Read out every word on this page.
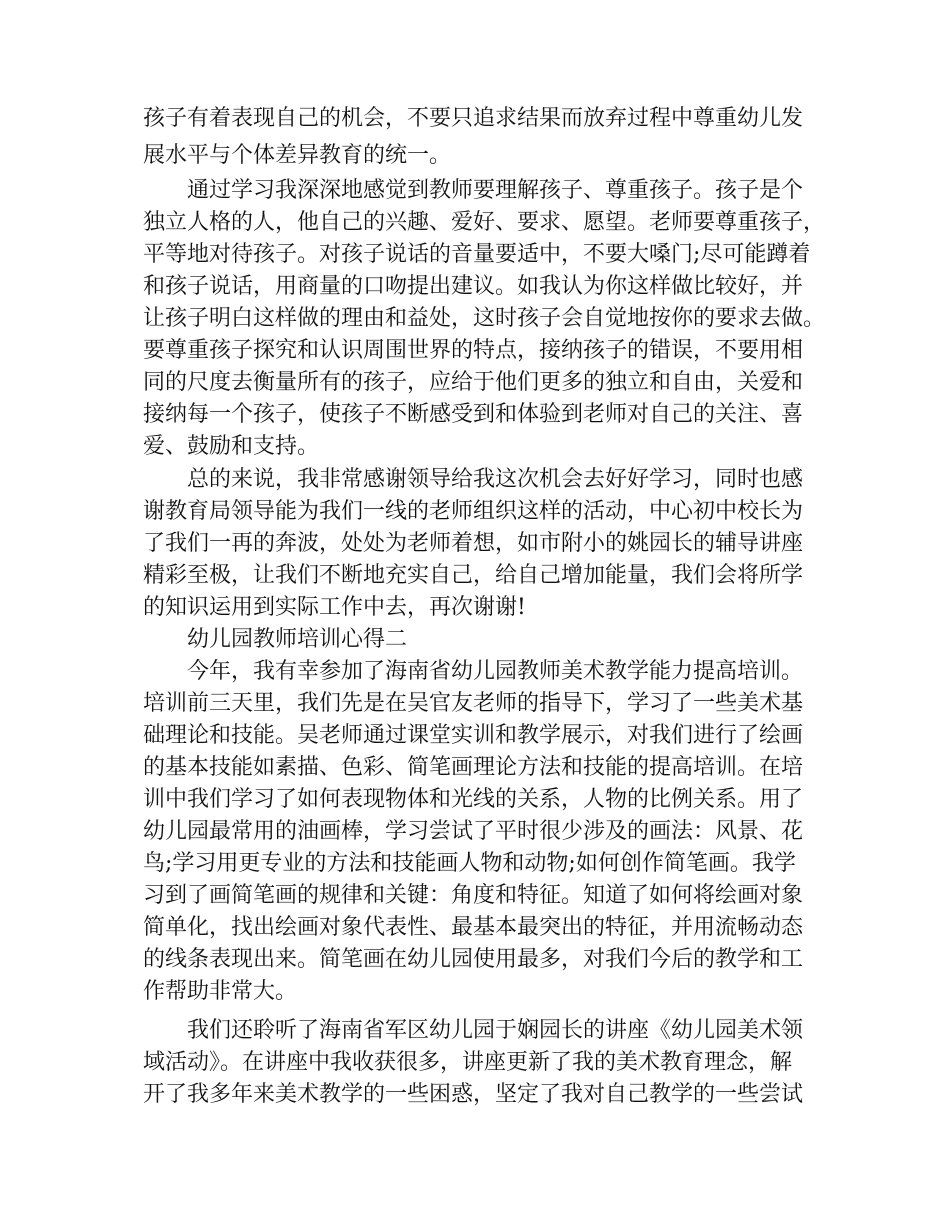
孩子有着表现自己的机会，不要只追求结果而放弃过程中尊重幼儿发
展水平与个体差异教育的统一。
通过学习我深深地感觉到教师要理解孩子、尊重孩子。孩子是个
独立人格的人，他自己的兴趣、爱好、要求、愿望。老师要尊重孩子，
平等地对待孩子。对孩子说话的音量要适中，不要大嗓门;尽可能蹲着
和孩子说话，用商量的口吻提出建议。如我认为你这样做比较好，并
让孩子明白这样做的理由和益处，这时孩子会自觉地按你的要求去做。
要尊重孩子探究和认识周围世界的特点，接纳孩子的错误，不要用相
同的尺度去衡量所有的孩子，应给于他们更多的独立和自由，关爱和
接纳每一个孩子，使孩子不断感受到和体验到老师对自己的关注、喜
爱、鼓励和支持。
总的来说，我非常感谢领导给我这次机会去好好学习，同时也感
谢教育局领导能为我们一线的老师组织这样的活动，中心初中校长为
了我们一再的奔波，处处为老师着想，如市附小的姚园长的辅导讲座
精彩至极，让我们不断地充实自己，给自己增加能量，我们会将所学
的知识运用到实际工作中去，再次谢谢!
幼儿园教师培训心得二
今年，我有幸参加了海南省幼儿园教师美术教学能力提高培训。
培训前三天里，我们先是在吴官友老师的指导下，学习了一些美术基
础理论和技能。吴老师通过课堂实训和教学展示，对我们进行了绘画
的基本技能如素描、色彩、简笔画理论方法和技能的提高培训。在培
训中我们学习了如何表现物体和光线的关系，人物的比例关系。用了
幼儿园最常用的油画棒，学习尝试了平时很少涉及的画法：风景、花
鸟;学习用更专业的方法和技能画人物和动物;如何创作简笔画。我学
习到了画简笔画的规律和关键：角度和特征。知道了如何将绘画对象
简单化，找出绘画对象代表性、最基本最突出的特征，并用流畅动态
的线条表现出来。简笔画在幼儿园使用最多，对我们今后的教学和工
作帮助非常大。
我们还聆听了海南省军区幼儿园于娴园长的讲座《幼儿园美术领
域活动》。在讲座中我收获很多，讲座更新了我的美术教育理念，解
开了我多年来美术教学的一些困惑，坚定了我对自己教学的一些尝试
